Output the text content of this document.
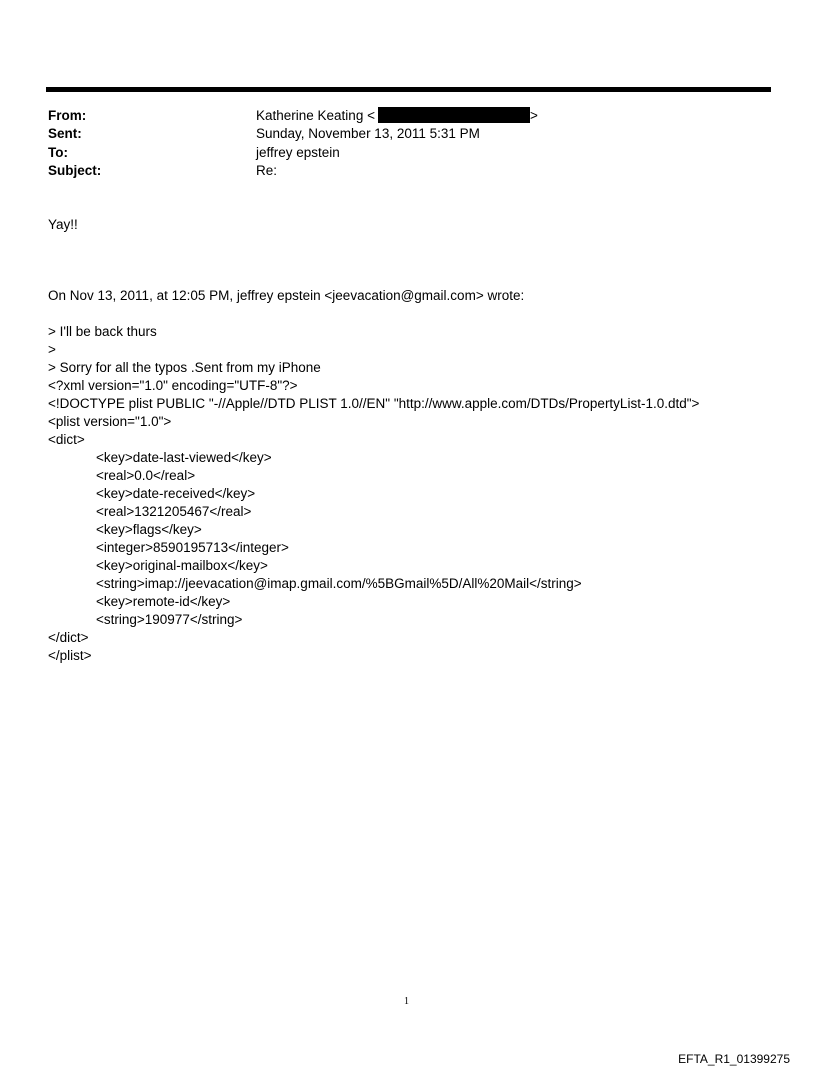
From:	Katherine Keating <	>
Sent:	Sunday, November 13, 2011 5:31 PM
To:	jeffrey epstein
Subject:	Re:
Yay!!
On Nov 13, 2011, at 12:05 PM, jeffrey epstein <jeevacation@gmail.com> wrote:
> I'll be back thurs
>
> Sorry for all the typos .Sent from my iPhone
<?xml version="1.0" encoding="UTF-8"?>
<!DOCTYPE plist PUBLIC "-//Apple//DTD PLIST 1.0//EN" "http://www.apple.com/DTDs/PropertyList-1.0.dtd">
<plist version="1.0">
<dict>
<key>date-last-viewed</key>
<real>0.0</real>
<key>date-received</key>
<real>1321205467</real>
<key>flags</key>
<integer>8590195713</integer>
<key>original-mailbox</key>
<string>imap://jeevacation@imap.gmail.com/%5BGmail%5D/All%20Mail</string>
<key>remote-id</key>
<string>190977</string>
</dict>
</plist>
1
EFTA_R1_01399275
